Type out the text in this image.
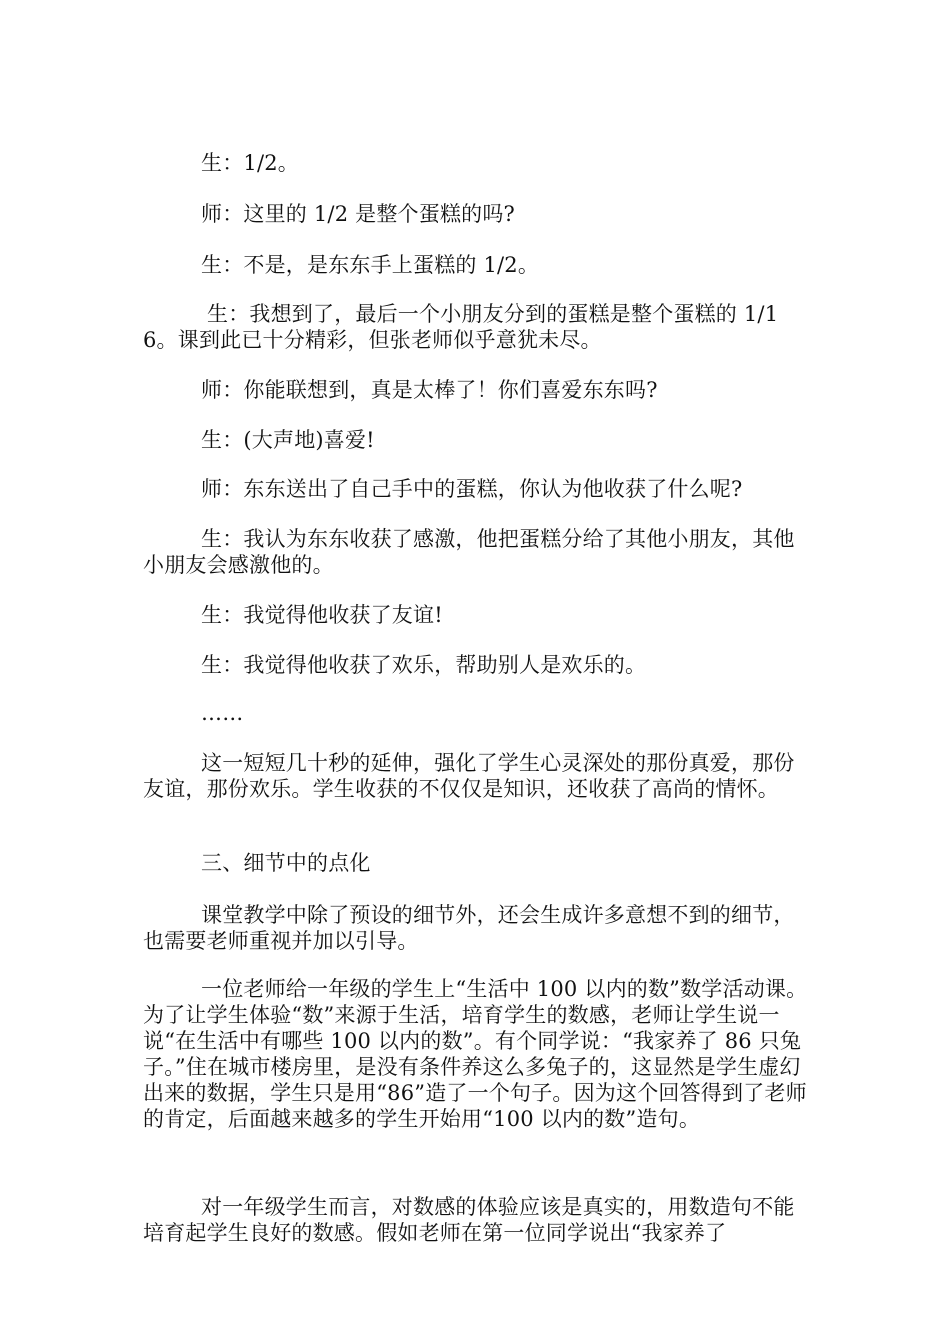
生：1/2。

师：这里的 1/2 是整个蛋糕的吗?

生：不是，是东东手上蛋糕的 1/2。

生：我想到了，最后一个小朋友分到的蛋糕是整个蛋糕的 1/16。课到此已十分精彩，但张老师似乎意犹未尽。

师：你能联想到，真是太棒了！你们喜爱东东吗?

生：(大声地)喜爱!

师：东东送出了自己手中的蛋糕，你认为他收获了什么呢?

生：我认为东东收获了感激，他把蛋糕分给了其他小朋友，其他小朋友会感激他的。

生：我觉得他收获了友谊!

生：我觉得他收获了欢乐，帮助别人是欢乐的。

……

这一短短几十秒的延伸，强化了学生心灵深处的那份真爱，那份友谊，那份欢乐。学生收获的不仅仅是知识，还收获了高尚的情怀。

三、细节中的点化

课堂教学中除了预设的细节外，还会生成许多意想不到的细节，也需要老师重视并加以引导。

一位老师给一年级的学生上“生活中 100 以内的数”数学活动课。为了让学生体验“数”来源于生活，培育学生的数感，老师让学生说一说“在生活中有哪些 100 以内的数”。有个同学说：“我家养了 86 只兔子。”住在城市楼房里，是没有条件养这么多兔子的，这显然是学生虚幻出来的数据，学生只是用“86”造了一个句子。因为这个回答得到了老师的肯定，后面越来越多的学生开始用“100 以内的数”造句。

对一年级学生而言，对数感的体验应该是真实的，用数造句不能培育起学生良好的数感。假如老师在第一位同学说出“我家养了
